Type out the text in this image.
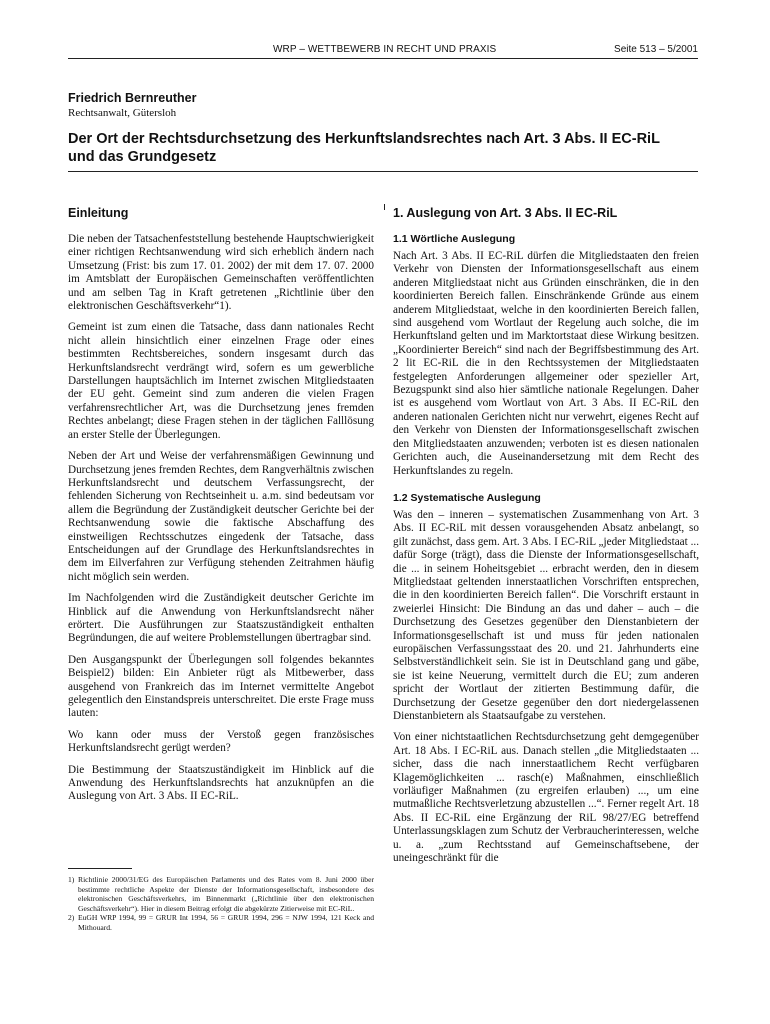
WRP – WETTBEWERB IN RECHT UND PRAXIS	Seite 513 – 5/2001
Friedrich Bernreuther
Rechtsanwalt, Gütersloh
Der Ort der Rechtsdurchsetzung des Herkunftslandsrechtes nach Art. 3 Abs. II EC-RiL
und das Grundgesetz
Einleitung

Die neben der Tatsachenfeststellung bestehende Hauptschwierigkeit einer richtigen Rechtsanwendung wird sich erheblich ändern nach Umsetzung (Frist: bis zum 17. 01. 2002) der mit dem 17. 07. 2000 im Amtsblatt der Europäischen Gemeinschaften veröffentlichten und am selben Tag in Kraft getretenen „Richtlinie über den elektronischen Geschäftsverkehr“1).

Gemeint ist zum einen die Tatsache, dass dann nationales Recht nicht allein hinsichtlich einer einzelnen Frage oder eines bestimmten Rechtsbereiches, sondern insgesamt durch das Herkunftslandsrecht verdrängt wird, sofern es um gewerbliche Darstellungen hauptsächlich im Internet zwischen Mitgliedstaaten der EU geht. Gemeint sind zum anderen die vielen Fragen verfahrensrechtlicher Art, was die Durchsetzung jenes fremden Rechtes anbelangt; diese Fragen stehen in der täglichen Falllösung an erster Stelle der Überlegungen.

Neben der Art und Weise der verfahrensmäßigen Gewinnung und Durchsetzung jenes fremden Rechtes, dem Rangverhältnis zwischen Herkunftslandsrecht und deutschem Verfassungsrecht, der fehlenden Sicherung von Rechtseinheit u. a.m. sind bedeutsam vor allem die Begründung der Zuständigkeit deutscher Gerichte bei der Rechtsanwendung sowie die faktische Abschaffung des einstweiligen Rechtsschutzes eingedenk der Tatsache, dass Entscheidungen auf der Grundlage des Herkunftslandsrechtes in dem im Eilverfahren zur Verfügung stehenden Zeitrahmen häufig nicht möglich sein werden.

Im Nachfolgenden wird die Zuständigkeit deutscher Gerichte im Hinblick auf die Anwendung von Herkunftslandsrecht näher erörtert. Die Ausführungen zur Staatszuständigkeit enthalten Begründungen, die auf weitere Problemstellungen übertragbar sind.

Den Ausgangspunkt der Überlegungen soll folgendes bekanntes Beispiel2) bilden: Ein Anbieter rügt als Mitbewerber, dass ausgehend von Frankreich das im Internet vermittelte Angebot gelegentlich den Einstandspreis unterschreitet. Die erste Frage muss lauten:

Wo kann oder muss der Verstoß gegen französisches Herkunftslandsrecht gerügt werden?

Die Bestimmung der Staatszuständigkeit im Hinblick auf die Anwendung des Herkunftslandsrechts hat anzuknüpfen an die Auslegung von Art. 3 Abs. II EC-RiL.

1) Richtlinie 2000/31/EG des Europäischen Parlaments und des Rates vom 8. Juni 2000 über bestimmte rechtliche Aspekte der Dienste der Informationsgesellschaft, insbesondere des elektronischen Geschäftsverkehrs, im Binnenmarkt („Richtlinie über den elektronischen Geschäftsverkehr“). Hier in diesem Beitrag erfolgt die abgekürzte Zitierweise mit EC-RiL.
2) EuGH WRP 1994, 99 = GRUR Int 1994, 56 = GRUR 1994, 296 = NJW 1994, 121 Keck and Mithouard.
1. Auslegung von Art. 3 Abs. II EC-RiL
1.1 Wörtliche Auslegung

Nach Art. 3 Abs. II EC-RiL dürfen die Mitgliedstaaten den freien Verkehr von Diensten der Informationsgesellschaft aus einem anderen Mitgliedstaat nicht aus Gründen einschränken, die in den koordinierten Bereich fallen. Einschränkende Gründe aus einem anderem Mitgliedstaat, welche in den koordinierten Bereich fallen, sind ausgehend vom Wortlaut der Regelung auch solche, die im Herkunftsland gelten und im Marktortstaat diese Wirkung besitzen. „Koordinierter Bereich“ sind nach der Begriffsbestimmung des Art. 2 lit EC-RiL die in den Rechtssystemen der Mitgliedstaaten festgelegten Anforderungen allgemeiner oder spezieller Art, Bezugspunkt sind also hier sämtliche nationale Regelungen. Daher ist es ausgehend vom Wortlaut von Art. 3 Abs. II EC-RiL den anderen nationalen Gerichten nicht nur verwehrt, eigenes Recht auf den Verkehr von Diensten der Informationsgesellschaft zwischen den Mitgliedstaaten anzuwenden; verboten ist es diesen nationalen Gerichten auch, die Auseinandersetzung mit dem Recht des Herkunftslandes zu regeln.

1.2 Systematische Auslegung

Was den – inneren – systematischen Zusammenhang von Art. 3 Abs. II EC-RiL mit dessen vorausgehenden Absatz anbelangt, so gilt zunächst, dass gem. Art. 3 Abs. I EC-RiL „jeder Mitgliedstaat ... dafür Sorge (trägt), dass die Dienste der Informationsgesellschaft, die ... in seinem Hoheitsgebiet ... erbracht werden, den in diesem Mitgliedstaat geltenden innerstaatlichen Vorschriften entsprechen, die in den koordinierten Bereich fallen“. Die Vorschrift erstaunt in zweierlei Hinsicht: Die Bindung an das und daher – auch – die Durchsetzung des Gesetzes gegenüber den Dienstanbietern der Informationsgesellschaft ist und muss für jeden nationalen europäischen Verfassungsstaat des 20. und 21. Jahrhunderts eine Selbstverständlichkeit sein. Sie ist in Deutschland gang und gäbe, sie ist keine Neuerung, vermittelt durch die EU; zum anderen spricht der Wortlaut der zitierten Bestimmung dafür, die Durchsetzung der Gesetze gegenüber den dort niedergelassenen Dienstanbietern als Staatsaufgabe zu verstehen.

Von einer nichtstaatlichen Rechtsdurchsetzung geht demgegenüber Art. 18 Abs. I EC-RiL aus. Danach stellen „die Mitgliedstaaten ... sicher, dass die nach innerstaatlichem Recht verfügbaren Klagemöglichkeiten ... rasch(e) Maßnahmen, einschließlich vorläufiger Maßnahmen (zu ergreifen erlauben) ..., um eine mutmaßliche Rechtsverletzung abzustellen ...“. Ferner regelt Art. 18 Abs. II EC-RiL eine Ergänzung der RiL 98/27/EG betreffend Unterlassungsklagen zum Schutz der Verbraucherinteressen, welche u. a. „zum Rechtsstand auf Gemeinschaftsebene, der uneingeschränkt für die
